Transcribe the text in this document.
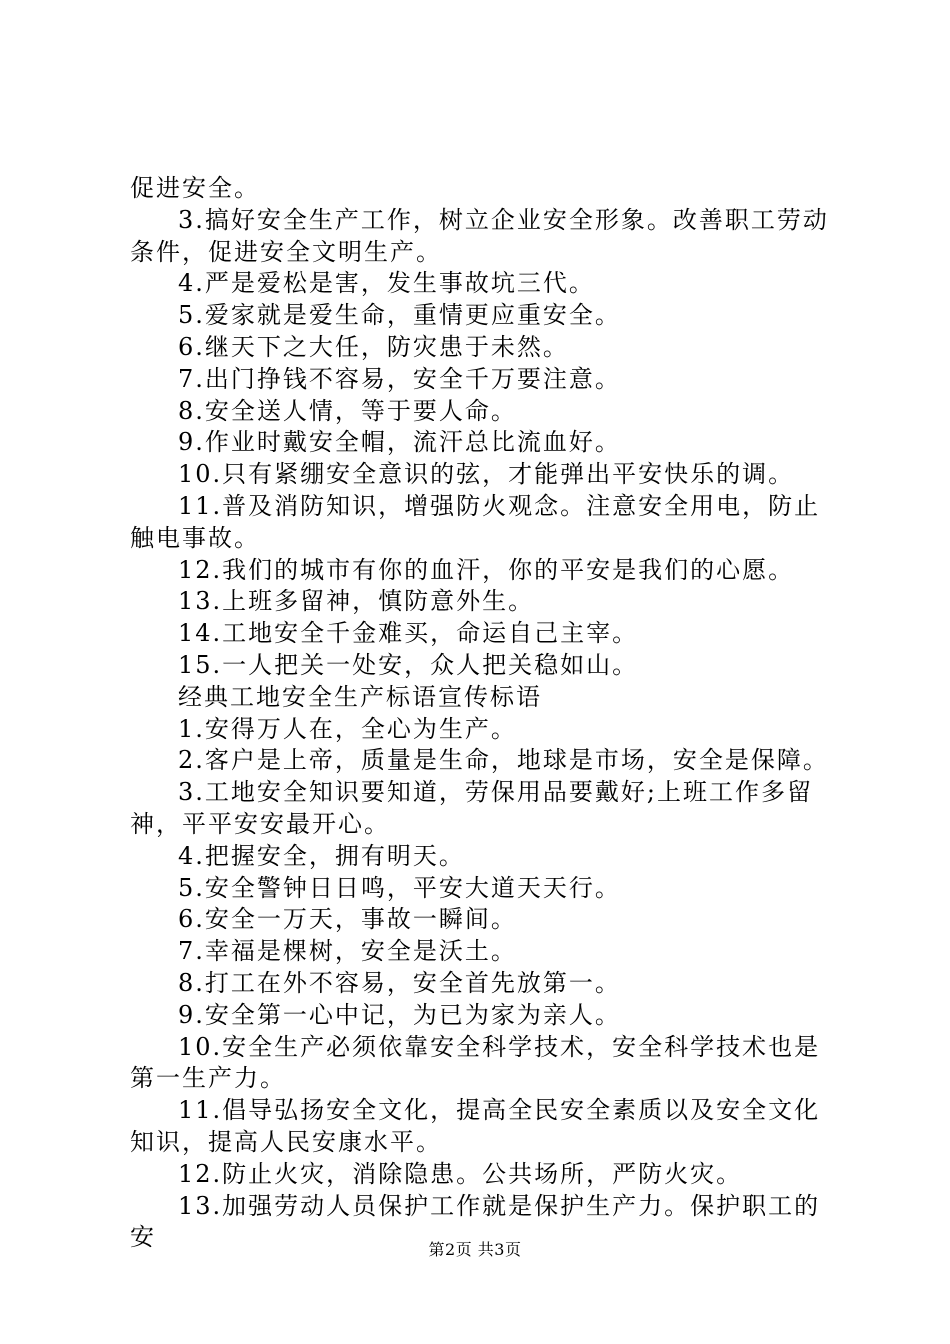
促进安全。

3.搞好安全生产工作，树立企业安全形象。改善职工劳动条件，促进安全文明生产。

4.严是爱松是害，发生事故坑三代。

5.爱家就是爱生命，重情更应重安全。

6.继天下之大任，防灾患于未然。

7.出门挣钱不容易，安全千万要注意。

8.安全送人情，等于要人命。

9.作业时戴安全帽，流汗总比流血好。

10.只有紧绷安全意识的弦，才能弹出平安快乐的调。

11.普及消防知识，增强防火观念。注意安全用电，防止触电事故。

12.我们的城市有你的血汗，你的平安是我们的心愿。

13.上班多留神，慎防意外生。

14.工地安全千金难买，命运自己主宰。

15.一人把关一处安，众人把关稳如山。

经典工地安全生产标语宣传标语

1.安得万人在，全心为生产。

2.客户是上帝，质量是生命，地球是市场，安全是保障。

3.工地安全知识要知道，劳保用品要戴好;上班工作多留神，平平安安最开心。

4.把握安全，拥有明天。

5.安全警钟日日鸣，平安大道天天行。

6.安全一万天，事故一瞬间。

7.幸福是棵树，安全是沃土。

8.打工在外不容易，安全首先放第一。

9.安全第一心中记，为已为家为亲人。

10.安全生产必须依靠安全科学技术，安全科学技术也是第一生产力。

11.倡导弘扬安全文化，提高全民安全素质以及安全文化知识，提高人民安康水平。

12.防止火灾，消除隐患。公共场所，严防火灾。

13.加强劳动人员保护工作就是保护生产力。保护职工的安	第2页 共3页
